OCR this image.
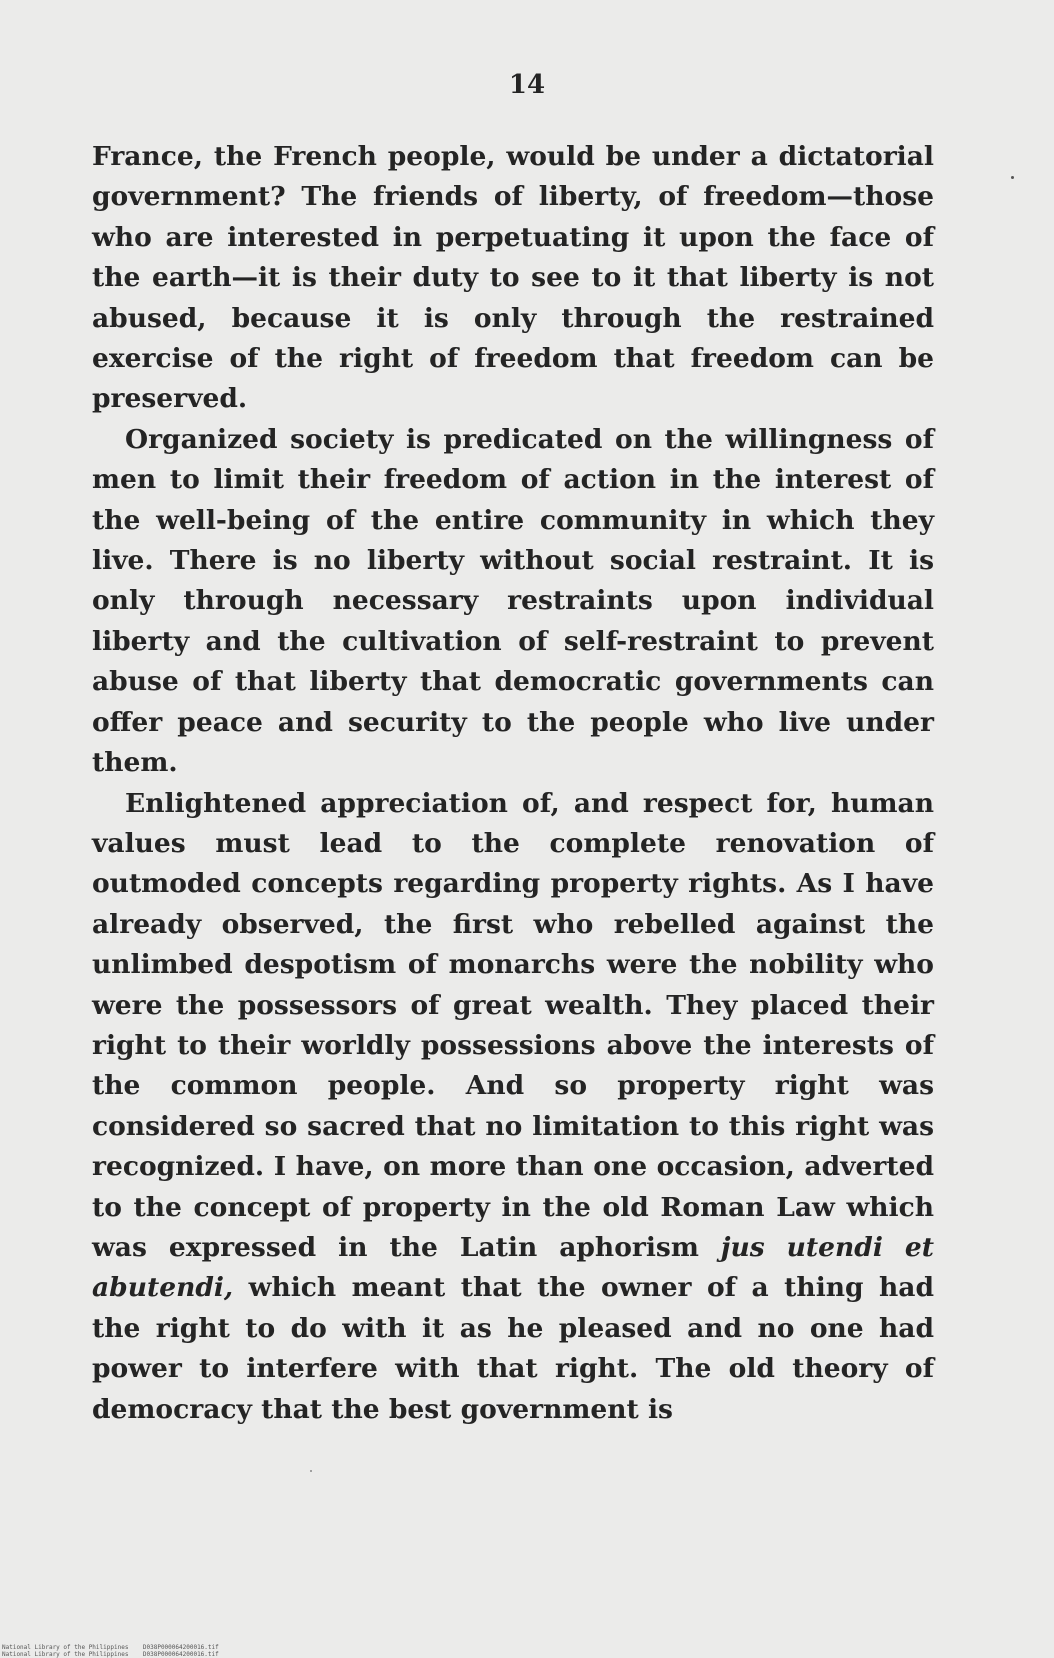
14

France, the French people, would be under a dictatorial government? The friends of liberty, of freedom—those who are interested in perpetuating it upon the face of the earth—it is their duty to see to it that liberty is not abused, because it is only through the restrained exercise of the right of freedom that freedom can be preserved.

Organized society is predicated on the willingness of men to limit their freedom of action in the interest of the well-being of the entire community in which they live. There is no liberty without social restraint. It is only through necessary restraints upon individual liberty and the cultivation of self-restraint to prevent abuse of that liberty that democratic governments can offer peace and security to the people who live under them.

Enlightened appreciation of, and respect for, human values must lead to the complete renovation of outmoded concepts regarding property rights. As I have already observed, the first who rebelled against the unlimbed despotism of monarchs were the nobility who were the possessors of great wealth. They placed their right to their worldly possessions above the interests of the common people. And so property right was considered so sacred that no limitation to this right was recognized. I have, on more than one occasion, adverted to the concept of property in the old Roman Law which was expressed in the Latin aphorism jus utendi et abutendi, which meant that the owner of a thing had the right to do with it as he pleased and no one had power to interfere with that right. The old theory of democracy that the best government is

National Library of the Philippines    D038P000064200016.tif
National Library of the Philippines    D038P000064200016.tif
